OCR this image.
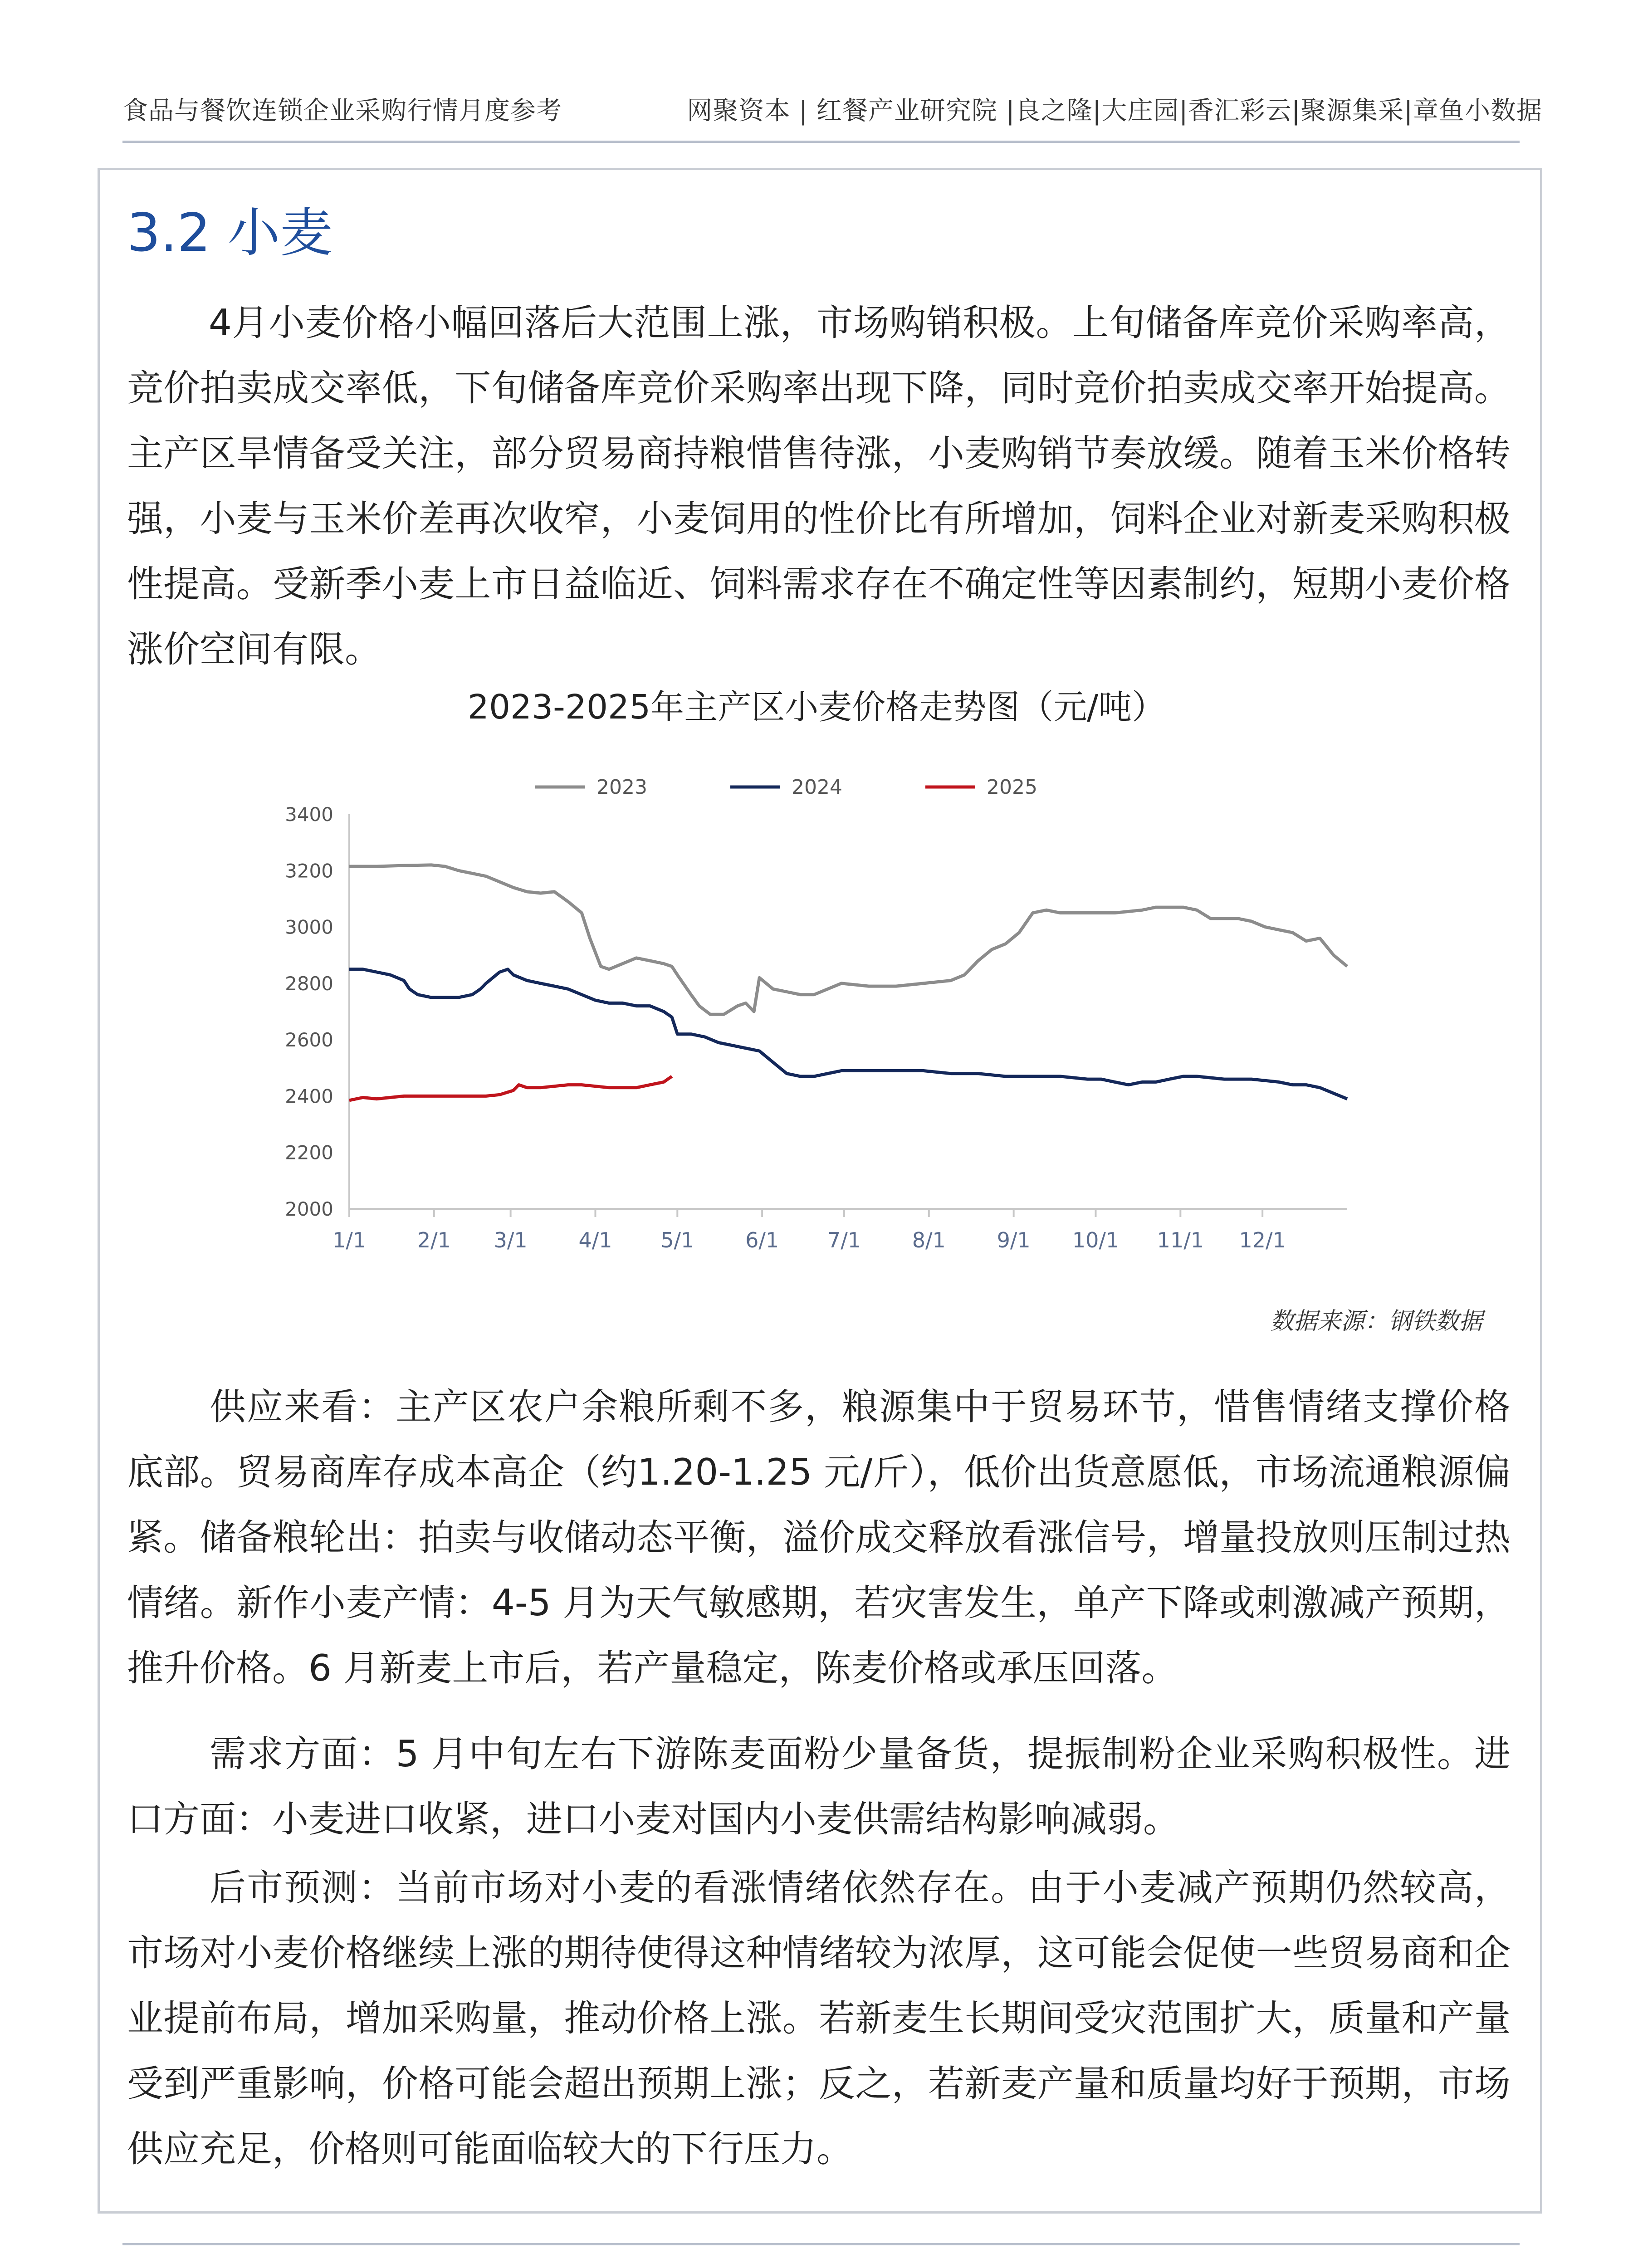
食品与餐饮连锁企业采购行情月度参考	网聚资本 | 红餐产业研究院 |良之隆|大庄园|香汇彩云|聚源集采|章鱼小数据
3.2 小麦
4月小麦价格小幅回落后大范围上涨，市场购销积极。上旬储备库竞价采购率高，竞价拍卖成交率低，下旬储备库竞价采购率出现下降，同时竞价拍卖成交率开始提高。主产区旱情备受关注，部分贸易商持粮惜售待涨，小麦购销节奏放缓。随着玉米价格转强，小麦与玉米价差再次收窄，小麦饲用的性价比有所增加，饲料企业对新麦采购积极性提高。受新季小麦上市日益临近、饲料需求存在不确定性等因素制约，短期小麦价格涨价空间有限。
2023-2025年主产区小麦价格走势图（元/吨）
2000
2200
2400
2600
2800
3000
3200
3400
1/1 2/1 3/1 4/1 5/1 6/1 7/1 8/1 9/1 10/1 11/1 12/1
2023	2024	2025
数据来源：钢铁数据
供应来看：主产区农户余粮所剩不多，粮源集中于贸易环节，惜售情绪支撑价格底部。贸易商库存成本高企（约1.20-1.25 元/斤），低价出货意愿低，市场流通粮源偏紧。储备粮轮出：拍卖与收储动态平衡，溢价成交释放看涨信号，增量投放则压制过热情绪。新作小麦产情：4-5 月为天气敏感期，若灾害发生，单产下降或刺激减产预期，推升价格。6 月新麦上市后，若产量稳定，陈麦价格或承压回落。
需求方面：5 月中旬左右下游陈麦面粉少量备货，提振制粉企业采购积极性。进口方面：小麦进口收紧，进口小麦对国内小麦供需结构影响减弱。
后市预测：当前市场对小麦的看涨情绪依然存在。由于小麦减产预期仍然较高，市场对小麦价格继续上涨的期待使得这种情绪较为浓厚，这可能会促使一些贸易商和企业提前布局，增加采购量，推动价格上涨。若新麦生长期间受灾范围扩大，质量和产量受到严重影响，价格可能会超出预期上涨；反之，若新麦产量和质量均好于预期，市场供应充足，价格则可能面临较大的下行压力。
